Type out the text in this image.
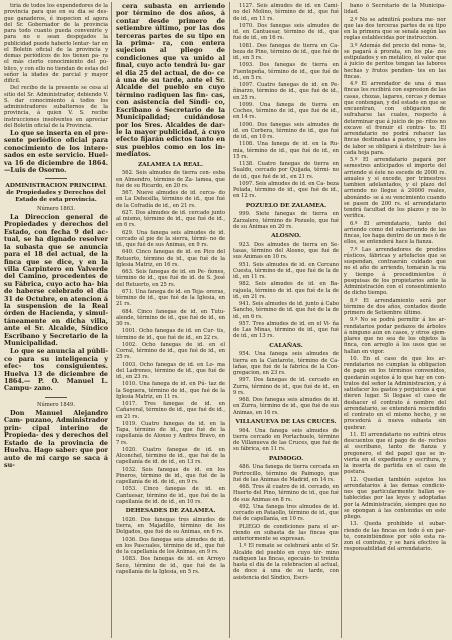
tiria de todos los expendedores de la provincia para que en su dia se des- gue ganaderos, é inspecion el agora del Sr. Gobernador de la provincia para todo cuanto pueda convenirle y para no e sean despojados la publicidad puede haberlo lentar- tar en el Boletín oficial de la provincia y demas periódicos de los tienen pa- ra el más cierto conocimiento del pú- blico, y con ello no tiendan de estas del señor la idades de parcial y mayor difícil.

Del recibo de la presente se cesa al sitio del Sr. Administrador, debiendo V. S. dar conocimiento á todos los administradores subalternos de la provincia, á quien V. S. recibe instrucciones insolventes en apreciar del Boletín oficial de la Provincia.

Lo que se inserta en el pre- sente periódico oficial para conocimiento de los intere- sados en este servicio. Huel- va 16 de diciembre de 1864. —Luis de Osorno.

ADMINISTRACION PRINCIPAL de Propiedades y Derechos del Estado de esta provincia.

Número 1863.

La Direccion general de Propiedades y derechos del Estado, con fecha 9 del ac- tual, se ha dignado resolver la subasta que se anuncia para el 18 del actual, de la finca que se dice, y en la villa Carpintero en Valverde del Camino, procedentes de su Fábrica, cuyo acto ha- bia de haberse celebrado el dia 31 de Octubre, en atencion á la suspension de la Real órden de Hacienda, y simul- táneamente en dicha villa, ante el Sr. Alcalde, Síndico Escribano y Secretario de la Municipalidad.

Lo que se anuncia al públi- co para su inteligencia y efec- tos consiguientes. Huelva 13 de diciembre de 1864.— P. O. Manuel L. Campu- zano.

Número 1849.

Don Manuel Alejandro Cam- puzano, Administrador prin- cipal interino de Propieda- des y derechos del Estado de la provincia de Huelva. Hago saber: que por auto de mi cargo se saca á su-

cera subasta en arriendo por término de dos años, á contar desde primero de setiembre último, por las dos terceras partes de su tipo en la prima- ra, con entera sujecion al pliego de condiciones que va unido al final, cuyo acto tendrá lu- gar el dia 25 del actual, de do- ce á una de su tarde, ante el Sr. Alcalde del pueblo en cuyo término radiquen las fin- cas, con asistencia del Síndi- co, Escribano ó Secretario de la Municipalidad; cuidándose por los Sres. Alcaldes de dar- le la mayor publicidad, á cuyo efecto fijarán edictos tanto en sus pueblos como en los in- mediatos.

ZALAMEA LA REAL.

562. Seis almudes de tierra cen- esba en Almendro, término de Za- lamea, que fué de su Ricardo, en 20 rs.

567. Nueve almudes de id. cerca- do en La Dehesilla, término de id., que fué de la Cofradía de id., en 21 rs.

627. Dos almudes de id. cercado junto al mismo, término de id., que fué de id., en 6 rs.

629. Una fanega seis almudes de id. cercado al pie de la sierra, térmi- no de id., que fué de sus Animas, en 9 rs.

640. Cinco fanegas de id. en Pico del Retuerto, término de id., que fué de la Iglesia Matriz, en 16 rs.

663. Seis fanegas de id. en Pe- ñones, término de id., que fué de id. de S. José del Retuerto, en 25 rs.

671. Una fanega de id. en Teja- oreras, término de id., que fué de la Iglesia, en 21 rs.

684. Cinco fanegas de id. en Tutu- alende, término de id., que fué de id., en 30 rs.

1001. Ocho fanegas de id. en Cur- tis, término de id., que fué de id., en 22 rs.

1002. Ocho fanegas de id. en el Corral, término de id., que fué de id., en 25 rs.

1003. Ocho fanegas de id. en Lo- ma del Ladrones, término de id., que fué de id., en 23 rs.

1010. Una fanega de id. en Pú- taz de la Seguera, término de id., que fué de la Iglesia Matriz, en 11 rs.

1017. Tres fanegas de id. en Cañaveral, término de id., que fué de id., en 21 rs.

1019. Cuatro fanegas de id. en la Tapa, término de id., que fué de la capellanía de Alonso y Andres Bravo, en 7 rs.

1020. Cuatro fanegas de id. en Alconchel, término de id., que fué de la capellanía de id. de id., en 13 rs.

1032. Seis fanegas de id. en los Pineros, término de id., que fué de la capellanía de id. de id., en 9 rs.

1053. Cinco fanegas de id. en Cantuesar, término de id., que fué de la capellanía de id. de id., en 10 rs.

DEHESADES DE ZALAMEA.

1026. Dos fanegas tres almudes de tierra, en Majadillo, término de los Delgados, que fué de su Animas, en 6 rs.

1036. Dos fanegas seis almudes de id. en los Pascuales, término de id., que fué de la capellanía de los Ánimas, en 9 rs.

1083. Dos fanegas de id. en Arroyo Seco, término de id., que fué de la capellanía de la Iglesia, en 5 rs.

1127. Seis almudes de id. en Cami- no del Molino, término de id., que fué de id., en 11 rs.

1070. Dos fanegas seis almudes de id. en Cantuesar, término de id., que fué de id., en 16 rs.

1081. Dos fanegas de tierra en Ca- beza de Pino, término de id., que fué de id., en 5 rs.

1093. Dos fanegas de tierra en Fuentepeña, término de id., que fué de id., en 5 rs.

1097. Cuatro fanegas de id. en Pe- ñinarzo, término de id., que fué de id., en 25 rs.

1099. Una fanega de tierra en Coches, término de id., que fué de id., en 14 rs.

1090. Dos fanegas seis almudes de id. en Corbera, término de id., que fué de id., en 10 rs.

1108. Una fanega de id. en la Ru- mia, término de id., que fué de id., en 15 rs.

1138. Cuatro fanegas de tierra en Sualdo, cercado por Quijada, térmi- no de id., que fué de id., en 21 rs.

1097. Seis almudes de id. en Ca- beza Pelada, término de id., que fué de id., en 12 rs.

POZUELO DE ZALAMEA.

999. Siete fanegas de tierra en Zarzalero, término de Pozuelo, que fué de su Ánimas en 20 rs.

ALOSNO.

923. Dos almudes de tierra en Se- tasas, término del Alosno, que fué de sus Animas en 10 rs.

951. Seis almudes de id. en Cercano Cuesta, término de id., que fué de la de id., en 11 rs.

982. Seis almudes de id. en Ba- rajuela, término de id. que fué de la de id., en 21 rs.

941. Seis almudes de id. junto á Cabo Sancho, término de id. que fué de la de id., en 6 rs.

957. Tres almudes de id. en el Vi- ña de Las Minas, término de id., que fué de id., en 13 rs.

CALAÑAS.

954. Una fanega seis almudes de tierra en la Cantarote, término de Ca- lañas, que fué de la fabrica de la Con- gregacion, en 23 rs.

997. Dos fanegas de id. cercado en Zurra, término de id., que fué de id., en 9 rs.

968. Dos fanegas seis almudes de id. en Zurra, término de id., que fué de sus Animas, en 16 rs.

VILLANUEVA DE LAS CRUCES.

964. Una fanega seis almudes de tierra cercado en Portachuelo, término de Villanueva de las Cruces, que fué de su fábrica, en 11 rs.

PAIMOGO.

486. Una fanega de tierra cercada en Portrocillo, término de Paimogo, que fué de las Animas de Madrid, en 14 rs.

468. Tres ál cuatro de id. cercado, en Huerto del Pino, término de id., que fué de sus Animas en 8 rs.

492. Una fanega tres almudes de id. cercado en Pataollo, término de id., que fué de capellanía, en 10 rs.

PLIEGO de condiciones para el ar- riendo en subasta de las fincas que anteriormente se expresan.

1.º El remate se celebrará ante el Sr. Alcalde del pueblo en cuyo tér- mino radiquen las fincas, egecuán- to treinta hasta el dia de la celebracion al actual, de doce á una de su tarde, con asistencia del Síndico, Escri-

bano ó Secretario de la Municipa- lidad.

2.º No se admitirá postura me- nor que las dos terceras partes de su tipo en la primera que se senala según las reglas establecidas por instruccion.

3.º Además del precio del rema- te, se pagará á prorata, en los pla- zos estipulados y en metálico, el valor que á juicio de peritos tengan las labores hechas y frutos pendien- tes en las fincas.

4.º El arrendador de una ó mas fincas les recibirá con espresion de las casas, chozas, lagares, cercas y demas que contengan, y del estado en que se encuentran, con obligacion de sufraharse las cuales, respecto á determinar que á juicio de pe- ritos no excave el frenuir el contra- to. El arrendatario no podrá rehacer las fincas destinadas á pastos, y para los de labor se obligará á distribuir- las á cada hoja para.

5.º El arrendatario pagará por semestres anticipados el importe del arriendo si éste no escede de 2000 rs. anuales y si excede, por trimestres tambien adelantados, y el plazo del arriendo no llegue á 20000 reales, abonándo- se á su vencimiento cuando se pasen de 200 rs. el arrendatario tendrá facultad de los plazos y no lo verifica.

6.º El arrendatario, tanto del arriendo como del subarriendo de las fincas, los haga dentro de un mes ó de ellos, se entenderá hace la fianza.

7.º Las arrendadores de predios rústicos, fábricas y artefactos que se suspendan, contraerán cuidado que no el año de arriendo, tomarán la via y tiempo á procedimientos ó pesquisas de los propietarios ante la Administración con el consentimiento de dicho tiempo.

8.º El arrendamiento será por término de dos años, contados desde primero de Setiembre último.

9.º No se podrá permitir á los ar- rendatarios podar pedazos de árboles á ninguno aún en casos, y otros ejem- plares que no sea de los objetos la finca, con arreglo á los usos que se hallan en vigor.

10. En el caso de que los ar- rendatarios no cumplan la obligacion de pago en los términos convenidos, quedarán sujetos á lo que hay en con- tratos del señor la Administracion, y á satisfacer los gastos y perjuicios á que dieren lugar. Si llegase el caso de deshacer el contrato á nombre del arrendatario, se entenderá rescindido el contrato en el mismo hecho, y se procederá á nueva subasta sin quebrar.

11. El arrendatario no sufrirá otros descuentos que el pago de de- rechos al escribano, tanto de fianza y pregonero, el del papel que se in- vierta en el expediente y escritura, y la inserta de partida en el caso de postura.

12. Quedan también sujetos los arrendatarios á las demas condicio- nes que particularmente hallan es- tablecidas por las leyes y adoptadas por la Administración, siempre que no se opongan á las contenidas en este pliego.

13. Queda prohibido el subar- riendo de las fincas en todo ó en par- te, consintiéndose por sólo esta ra- zon el contrato, y se hará efectivo la responsabilidad del arrendatario.
